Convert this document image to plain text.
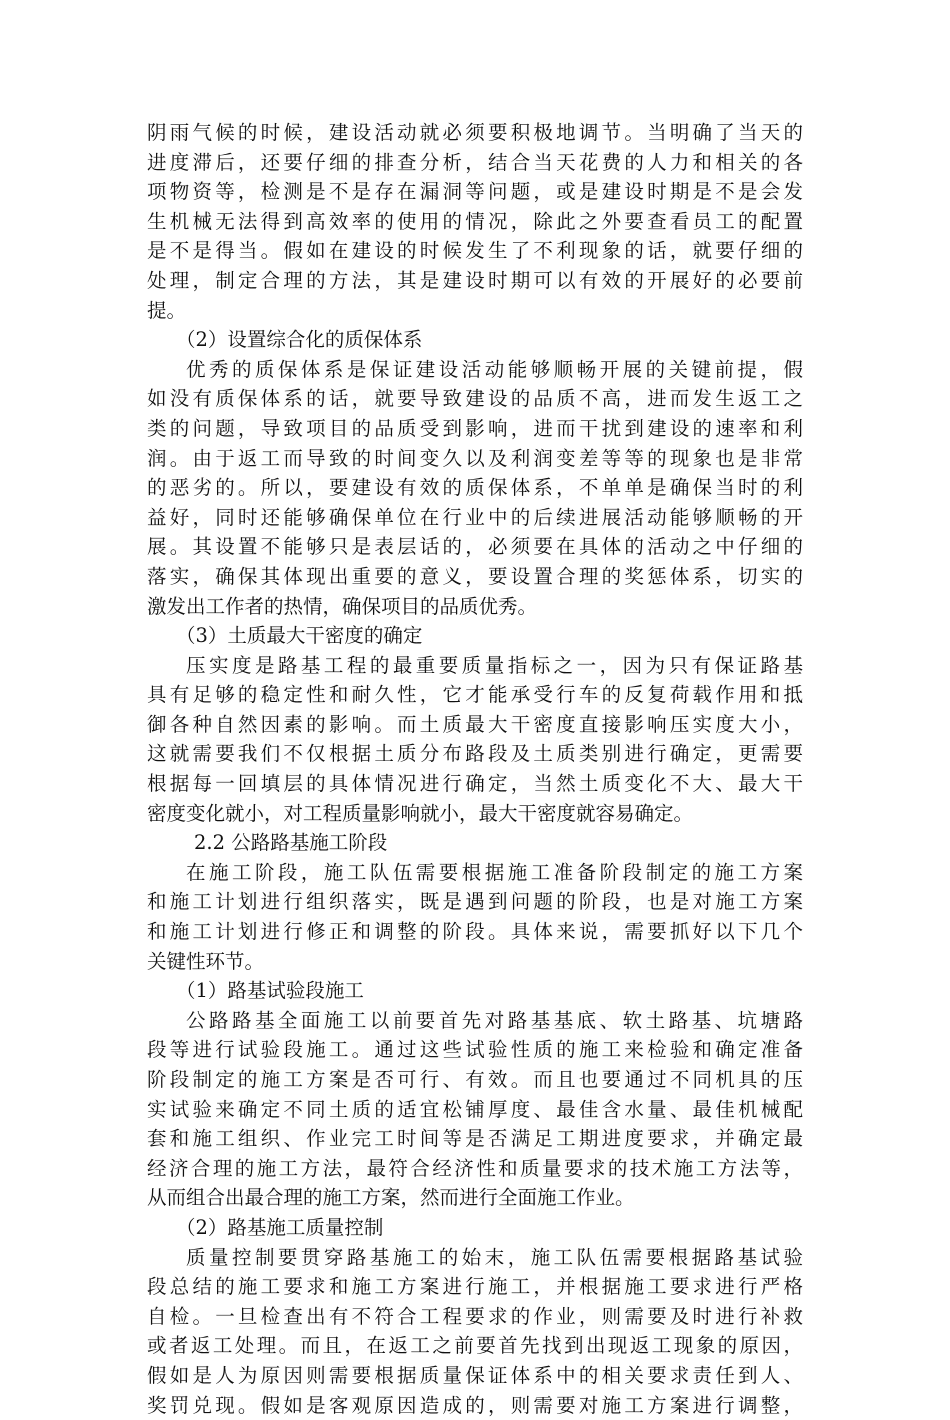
阴雨气候的时候，建设活动就必须要积极地调节。当明确了当天的
进度滞后，还要仔细的排查分析，结合当天花费的人力和相关的各
项物资等，检测是不是存在漏洞等问题，或是建设时期是不是会发
生机械无法得到高效率的使用的情况，除此之外要查看员工的配置
是不是得当。假如在建设的时候发生了不利现象的话，就要仔细的
处理，制定合理的方法，其是建设时期可以有效的开展好的必要前
提。
（2）设置综合化的质保体系
优秀的质保体系是保证建设活动能够顺畅开展的关键前提，假
如没有质保体系的话，就要导致建设的品质不高，进而发生返工之
类的问题，导致项目的品质受到影响，进而干扰到建设的速率和利
润。由于返工而导致的时间变久以及利润变差等等的现象也是非常
的恶劣的。所以，要建设有效的质保体系，不单单是确保当时的利
益好，同时还能够确保单位在行业中的后续进展活动能够顺畅的开
展。其设置不能够只是表层话的，必须要在具体的活动之中仔细的
落实，确保其体现出重要的意义，要设置合理的奖惩体系，切实的
激发出工作者的热情，确保项目的品质优秀。
（3）土质最大干密度的确定
压实度是路基工程的最重要质量指标之一，因为只有保证路基
具有足够的稳定性和耐久性，它才能承受行车的反复荷载作用和抵
御各种自然因素的影响。而土质最大干密度直接影响压实度大小，
这就需要我们不仅根据土质分布路段及土质类别进行确定，更需要
根据每一回填层的具体情况进行确定，当然土质变化不大、最大干
密度变化就小，对工程质量影响就小，最大干密度就容易确定。
2.2 公路路基施工阶段
在施工阶段，施工队伍需要根据施工准备阶段制定的施工方案
和施工计划进行组织落实，既是遇到问题的阶段，也是对施工方案
和施工计划进行修正和调整的阶段。具体来说，需要抓好以下几个
关键性环节。
（1）路基试验段施工
公路路基全面施工以前要首先对路基基底、软土路基、坑塘路
段等进行试验段施工。通过这些试验性质的施工来检验和确定准备
阶段制定的施工方案是否可行、有效。而且也要通过不同机具的压
实试验来确定不同土质的适宜松铺厚度、最佳含水量、最佳机械配
套和施工组织、作业完工时间等是否满足工期进度要求，并确定最
经济合理的施工方法，最符合经济性和质量要求的技术施工方法等，
从而组合出最合理的施工方案，然而进行全面施工作业。
（2）路基施工质量控制
质量控制要贯穿路基施工的始末，施工队伍需要根据路基试验
段总结的施工要求和施工方案进行施工，并根据施工要求进行严格
自检。一旦检查出有不符合工程要求的作业，则需要及时进行补救
或者返工处理。而且，在返工之前要首先找到出现返工现象的原因，
假如是人为原因则需要根据质量保证体系中的相关要求责任到人、
奖罚兑现。假如是客观原因造成的，则需要对施工方案进行调整，
